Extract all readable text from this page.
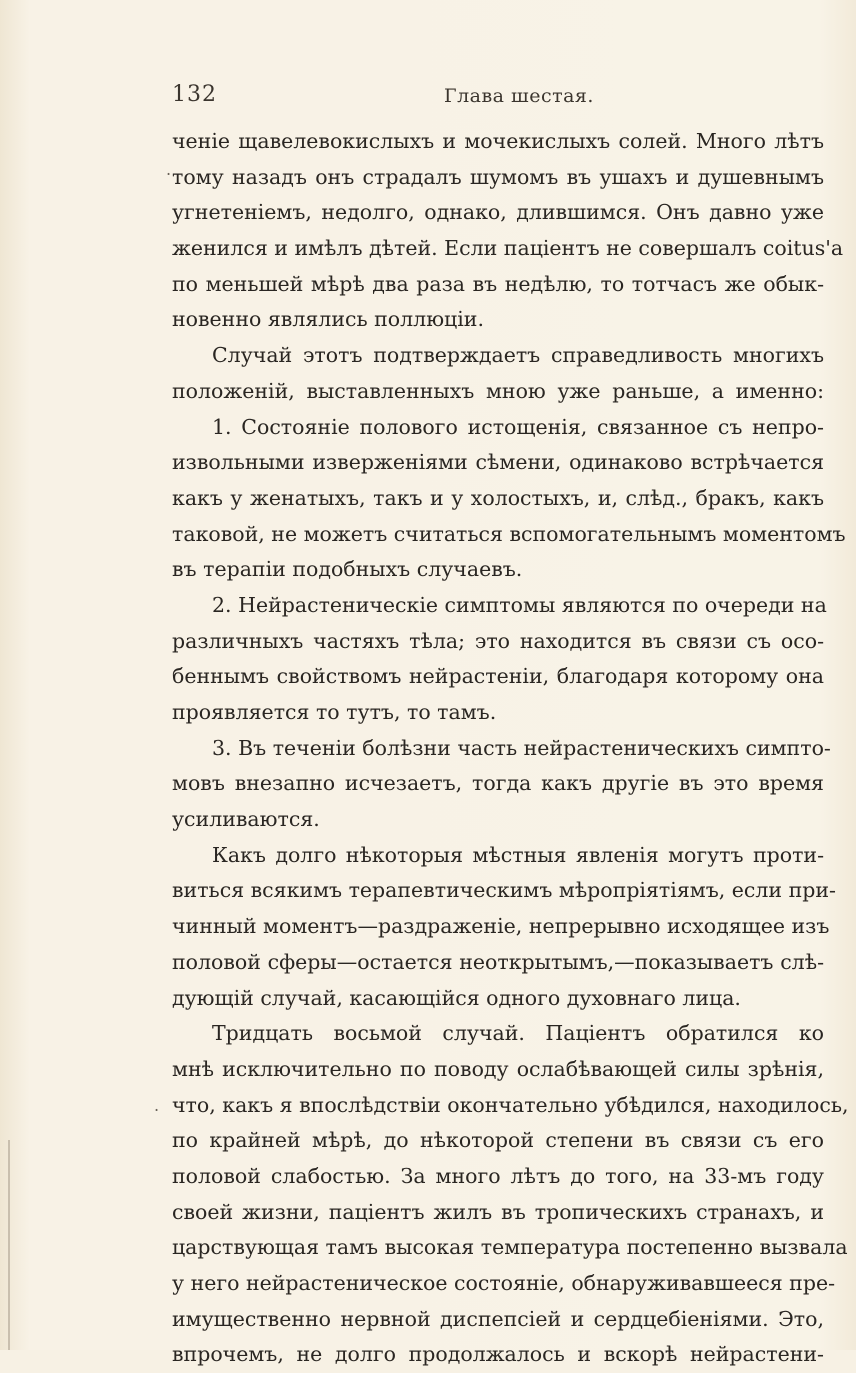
132	Глава шестая.
.
.
ченіе щавелевокислыхъ и мочекислыхъ солей. Много лѣтъ
тому назадъ онъ страдалъ шумомъ въ ушахъ и душевнымъ
угнетеніемъ, недолго, однако, длившимся. Онъ давно уже
женился и имѣлъ дѣтей. Если паціентъ не совершалъ coitus'а
по меньшей мѣрѣ два раза въ недѣлю, то тотчасъ же обык-
новенно являлись поллюціи.
Случай этотъ подтверждаетъ справедливость многихъ
положеній, выставленныхъ мною уже раньше, а именно:
1. Состояніе полового истощенія, связанное съ непро-
извольными изверженіями сѣмени, одинаково встрѣчается
какъ у женатыхъ, такъ и у холостыхъ, и, слѣд., бракъ, какъ
таковой, не можетъ считаться вспомогательнымъ моментомъ
въ терапіи подобныхъ случаевъ.
2. Нейрастеническіе симптомы являются по очереди на
различныхъ частяхъ тѣла; это находится въ связи съ осо-
беннымъ свойствомъ нейрастеніи, благодаря которому она
проявляется то тутъ, то тамъ.
3. Въ теченіи болѣзни часть нейрастеническихъ симпто-
мовъ внезапно исчезаетъ, тогда какъ другіе въ это время
усиливаются.
Какъ долго нѣкоторыя мѣстныя явленія могутъ проти-
виться всякимъ терапевтическимъ мѣропріятіямъ, если при-
чинный моментъ—раздраженіе, непрерывно исходящее изъ
половой сферы—остается неоткрытымъ,—показываетъ слѣ-
дующій случай, касающійся одного духовнаго лица.
Тридцать восьмой случай. Паціентъ обратился ко
мнѣ исключительно по поводу ослабѣвающей силы зрѣнія,
что, какъ я впослѣдствіи окончательно убѣдился, находилось,
по крайней мѣрѣ, до нѣкоторой степени въ связи съ его
половой слабостью. За много лѣтъ до того, на 33-мъ году
своей жизни, паціентъ жилъ въ тропическихъ странахъ, и
царствующая тамъ высокая температура постепенно вызвала
у него нейрастеническое состояніе, обнаруживавшееся пре-
имущественно нервной диспепсіей и сердцебіеніями. Это,
впрочемъ, не долго продолжалось и вскорѣ нейрастени-
